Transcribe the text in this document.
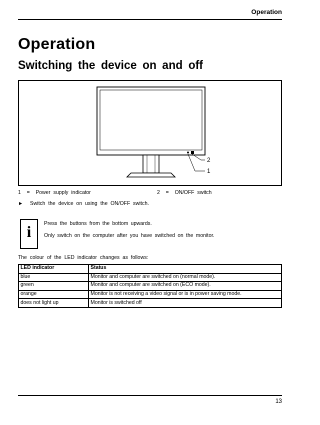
Operation
Operation
Switching the device on and off
2
1
1 = Power supply indicator	2 = ON/OFF switch
► Switch the device on using the ON/OFF switch.
i	Press the buttons from the bottom upwards.
Only switch on the computer after you have switched on the monitor.
The colour of the LED indicator changes as follows:
LED indicator	Status
blue	Monitor and computer are switched on (normal mode).
green	Monitor and computer are switched on (ECO mode).
orange	Monitor is not receiving a video signal or is in power saving mode.
does not light up	Monitor is switched off
13
